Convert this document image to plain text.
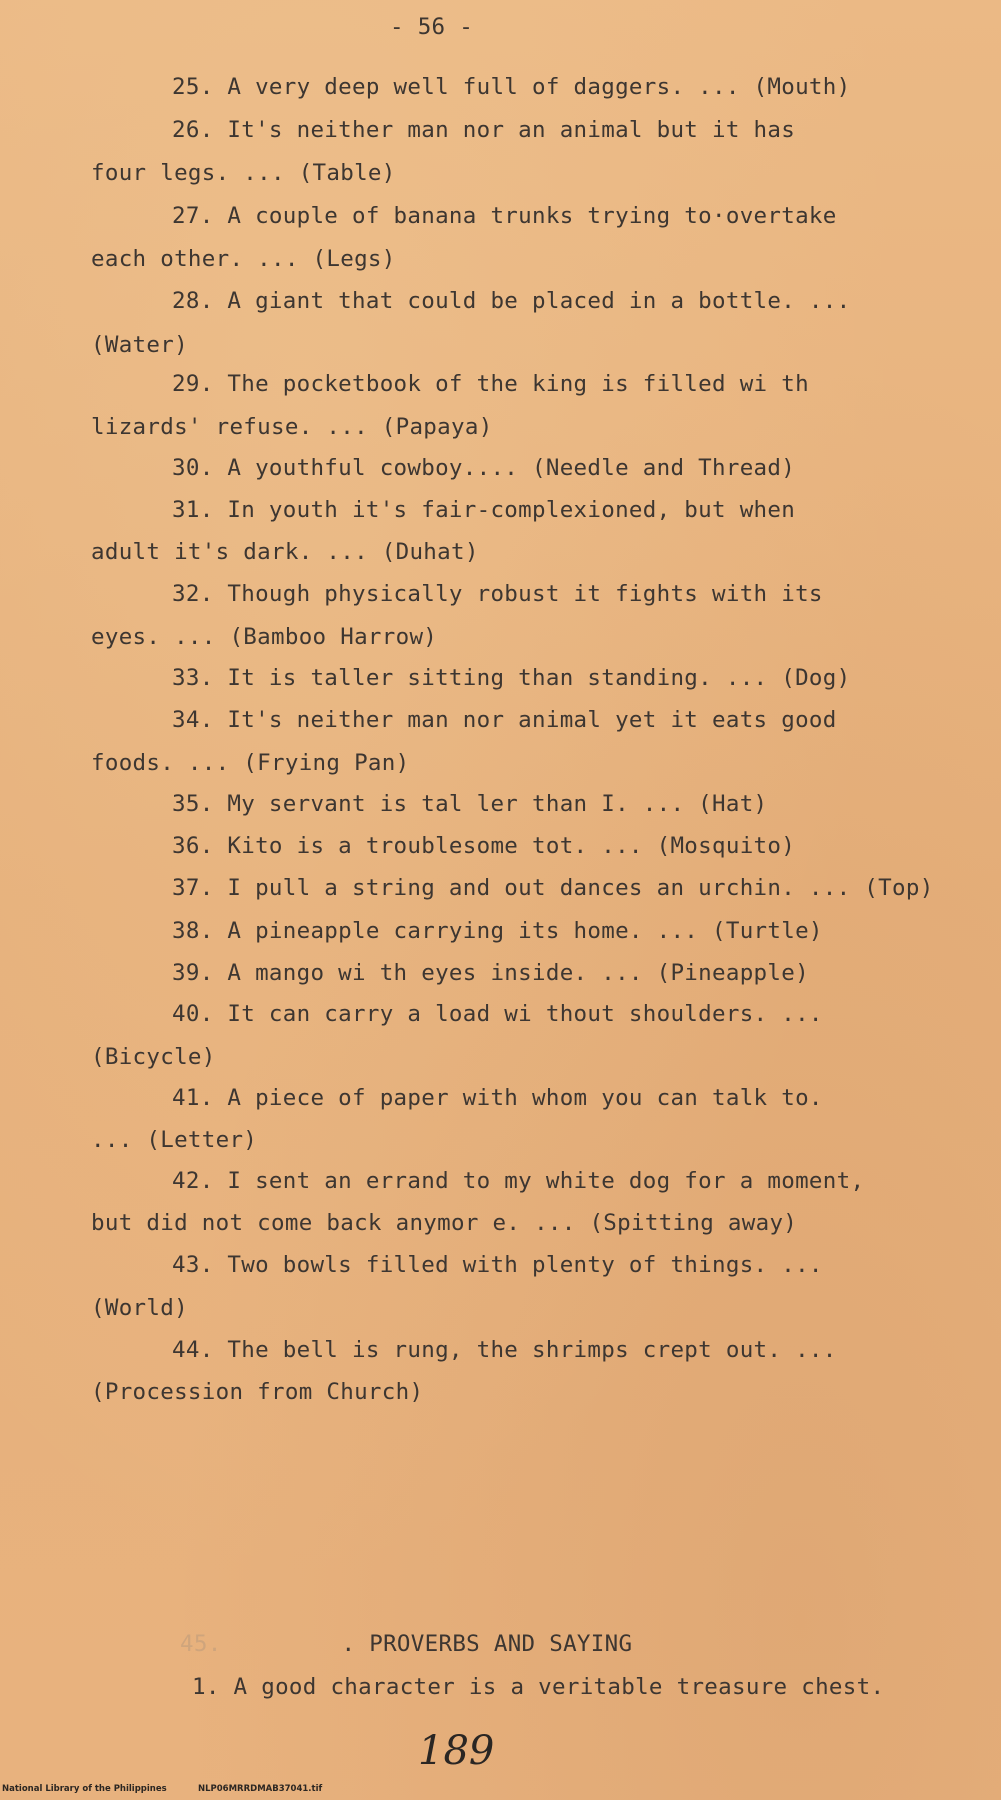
- 56 -
25. A very deep well full of daggers. ... (Mouth)
26. It's neither man nor an animal but it has
four legs. ... (Table)
27. A couple of banana trunks trying to·overtake
each other. ... (Legs)
28. A giant that could be placed in a bottle. ...
(Water)
29. The pocketbook of the king is filled wi th
lizards' refuse. ... (Papaya)
30. A youthful cowboy.... (Needle and Thread)
31. In youth it's fair-complexioned, but when
adult it's dark. ... (Duhat)
32. Though physically robust it fights with its
eyes. ... (Bamboo Harrow)
33. It is taller sitting than standing. ... (Dog)
34. It's neither man nor animal yet it eats good
foods. ... (Frying Pan)
35. My servant is tal ler than I. ... (Hat)
36. Kito is a troublesome tot. ... (Mosquito)
37. I pull a string and out dances an urchin. ... (Top)
38. A pineapple carrying its home. ... (Turtle)
39. A mango wi th eyes inside. ... (Pineapple)
40. It can carry a load wi thout shoulders. ...
(Bicycle)
41. A piece of paper with whom you can talk to.
... (Letter)
42. I sent an errand to my white dog for a moment,
but did not come back anymor e. ... (Spitting away)
43. Two bowls filled with plenty of things. ...
(World)
44. The bell is rung, the shrimps crept out. ...
(Procession from Church)
45.	. PROVERBS AND SAYING
1. A good character is a veritable treasure chest.
189
National Library of the Philippines	NLP06MRRDMAB37041.tif
